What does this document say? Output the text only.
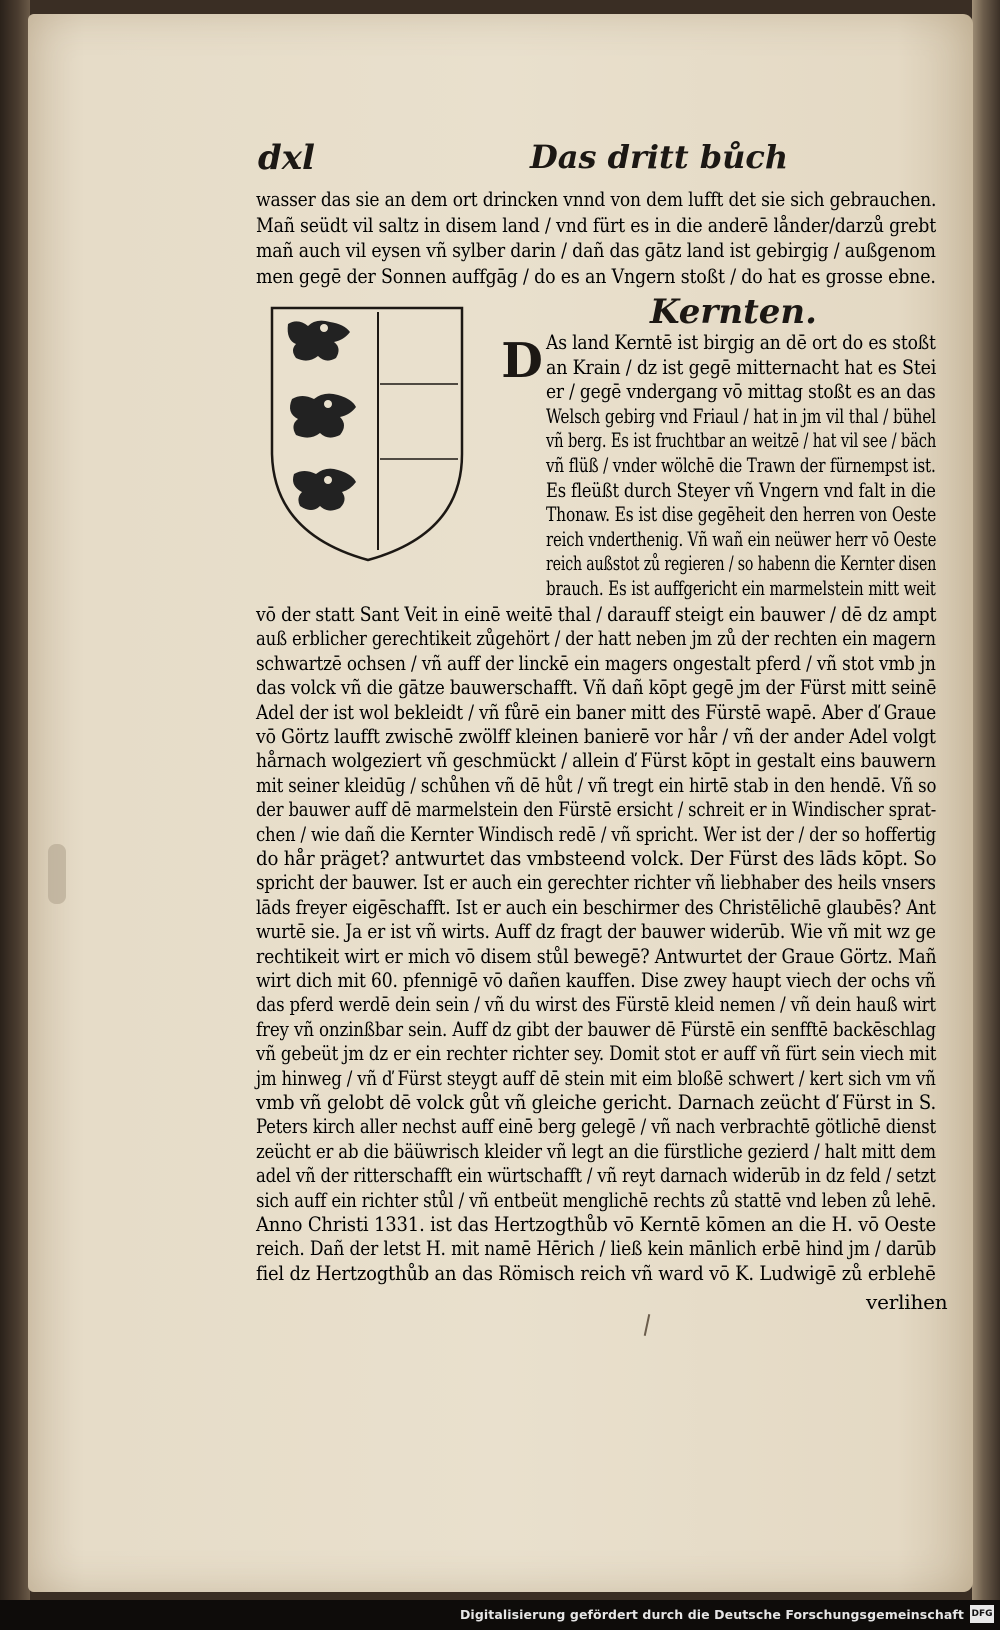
dxl	Das dritt bůch
Kernten.
D
wasser das sie an dem ort drincken vnnd von dem lufft det sie sich gebrauchen.
Mañ seüdt vil saltz in disem land / vnd fürt es in die anderē lånder/darzů grebt
mañ auch vil eysen vñ sylber darin / dañ das gātz land ist gebirgig / außgenom
men gegē der Sonnen auffgāg / do es an Vngern stoßt / do hat es grosse ebne.
As land Kerntē ist birgig an dē ort do es stoßt
an Krain / dz ist gegē mitternacht hat es Stei
er / gegē vndergang vō mittag stoßt es an das
Welsch gebirg vnd Friaul / hat in jm vil thal / bühel
vñ berg. Es ist fruchtbar an weitzē / hat vil see / bäch
vñ flüß / vnder wölchē die Trawn der fürnempst ist.
Es fleüßt durch Steyer vñ Vngern vnd falt in die
Thonaw. Es ist dise gegēheit den herren von Oeste
reich vnderthenig. Vñ wañ ein neüwer herr vō Oeste
reich außstot zů regieren / so habenn die Kernter disen
brauch. Es ist auffgericht ein marmelstein mitt weit
vō der statt Sant Veit in einē weitē thal / darauff steigt ein bauwer / dē dz ampt
auß erblicher gerechtikeit zůgehört / der hatt neben jm zů der rechten ein magern
schwartzē ochsen / vñ auff der linckē ein magers ongestalt pferd / vñ stot vmb jn
das volck vñ die gātze bauwerschafft. Vñ dañ kōpt gegē jm der Fürst mitt seinē
Adel der ist wol bekleidt / vñ fůrē ein baner mitt des Fürstē wapē. Aber ď Graue
vō Görtz laufft zwischē zwölff kleinen banierē vor hår / vñ der ander Adel volgt
hårnach wolgeziert vñ geschmückt / allein ď Fürst kōpt in gestalt eins bauwern
mit seiner kleidūg / schůhen vñ dē hůt / vñ tregt ein hirtē stab in den hendē. Vñ so
der bauwer auff dē marmelstein den Fürstē ersicht / schreit er in Windischer sprat-
chen / wie dañ die Kernter Windisch redē / vñ spricht. Wer ist der / der so hoffertig
do hår präget? antwurtet das vmbsteend volck. Der Fürst des lāds kōpt. So
spricht der bauwer. Ist er auch ein gerechter richter vñ liebhaber des heils vnsers
lāds freyer eigēschafft. Ist er auch ein beschirmer des Christēlichē glaubēs? Ant
wurtē sie. Ja er ist vñ wirts. Auff dz fragt der bauwer widerūb. Wie vñ mit wz ge
rechtikeit wirt er mich vō disem stůl bewegē? Antwurtet der Graue Görtz. Mañ
wirt dich mit 60. pfennigē vō dañen kauffen. Dise zwey haupt viech der ochs vñ
das pferd werdē dein sein / vñ du wirst des Fürstē kleid nemen / vñ dein hauß wirt
frey vñ onzinßbar sein. Auff dz gibt der bauwer dē Fürstē ein senfftē backēschlag
vñ gebeüt jm dz er ein rechter richter sey. Domit stot er auff vñ fürt sein viech mit
jm hinweg / vñ ď Fürst steygt auff dē stein mit eim bloßē schwert / kert sich vm vñ
vmb vñ gelobt dē volck gůt vñ gleiche gericht. Darnach zeücht ď Fürst in S.
Peters kirch aller nechst auff einē berg gelegē / vñ nach verbrachtē götlichē dienst
zeücht er ab die bäüwrisch kleider vñ legt an die fürstliche gezierd / halt mitt dem
adel vñ der ritterschafft ein würtschafft / vñ reyt darnach widerūb in dz feld / setzt
sich auff ein richter stůl / vñ entbeüt menglichē rechts zů stattē vnd leben zů lehē.
Anno Christi 1331. ist das Hertzogthůb vō Kerntē kōmen an die H. vō Oeste
reich. Dañ der letst H. mit namē Hērich / ließ kein mānlich erbē hind jm / darūb
fiel dz Hertzogthůb an das Römisch reich vñ ward vō K. Ludwigē zů erblehē
verlihen
Digitalisierung gefördert durch die Deutsche Forschungsgemeinschaft DFG
